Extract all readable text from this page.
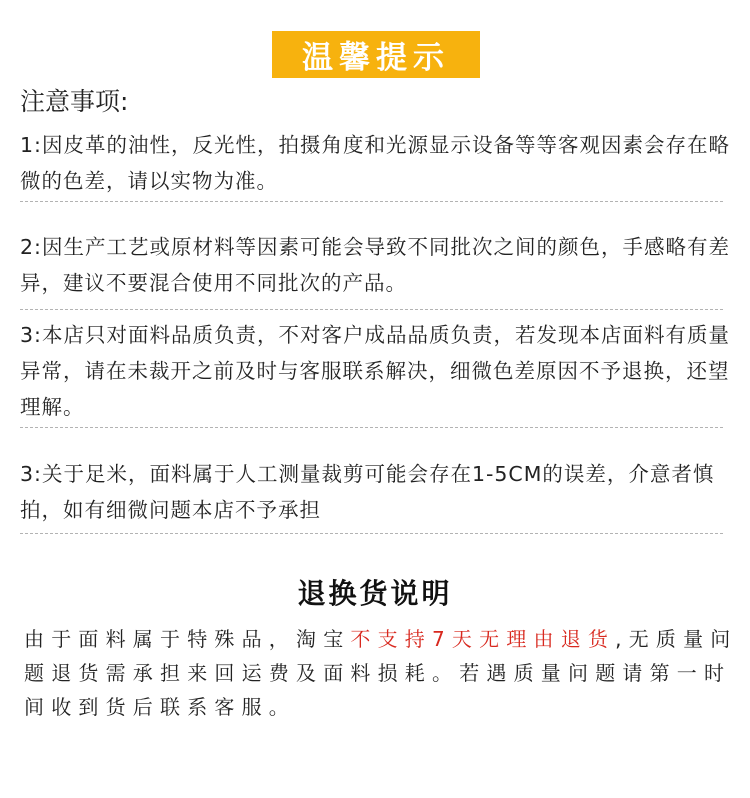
温馨提示
注意事项:
1:因皮革的油性，反光性，拍摄角度和光源显示设备等等客观因素会存在略微的色差，请以实物为准。
2:因生产工艺或原材料等因素可能会导致不同批次之间的颜色，手感略有差异，建议不要混合使用不同批次的产品。
3:本店只对面料品质负责，不对客户成品品质负责，若发现本店面料有质量异常，请在未裁开之前及时与客服联系解决，细微色差原因不予退换，还望理解。
3:关于足米，面料属于人工测量裁剪可能会存在1-5CM的误差，介意者慎拍，如有细微问题本店不予承担
退换货说明
由于面料属于特殊品，淘宝不支持7天无理由退货,无质量问题退货需承担来回运费及面料损耗。若遇质量问题请第一时间收到货后联系客服。
